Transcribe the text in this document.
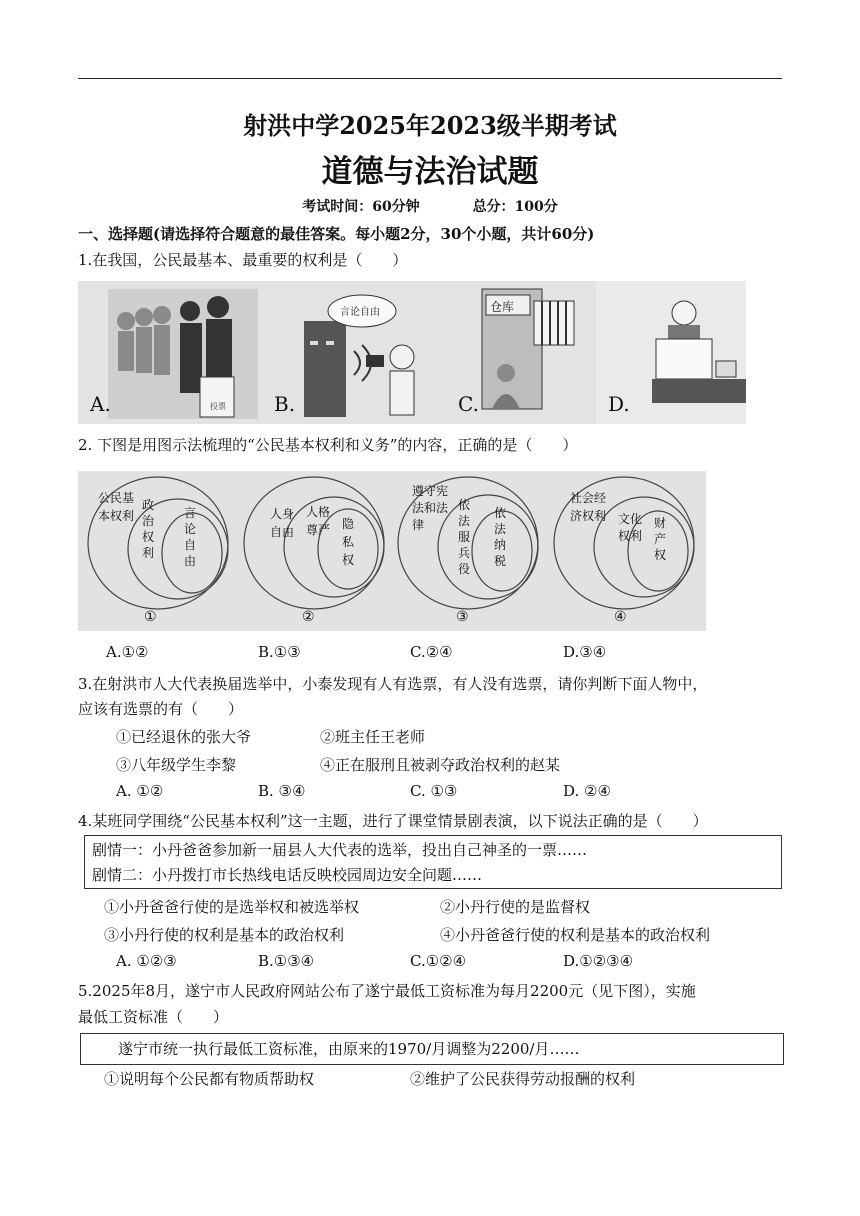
射洪中学2025年2023级半期考试
道德与法治试题
考试时间：60分钟	总分：100分
一、选择题(请选择符合题意的最佳答案。每小题2分，30个小题，共计60分)
1.在我国，公民最基本、最重要的权利是（　　）
投票
A.
言论自由
B.
仓库
C.	D.
2. 下图是用图示法梳理的“公民基本权利和义务”的内容，正确的是（　　）
公民基本权利
政治权利
言论自由
①
人身自由
人格尊严 隐私权
②
遵守宪法和法律
依法服兵役
依法纳税
③
社会经济权利 文化权利
财产权
④
A.①②	B.①③	C.②④	D.③④
3.在射洪市人大代表换届选举中，小泰发现有人有选票，有人没有选票，请你判断下面人物中，
应该有选票的有（　　）
①已经退休的张大爷	②班主任王老师
③八年级学生李黎	④正在服刑且被剥夺政治权利的赵某
A. ①②	B. ③④	C. ①③	D. ②④
4.某班同学围绕“公民基本权利”这一主题，进行了课堂情景剧表演，以下说法正确的是（　　）
剧情一：小丹爸爸参加新一届县人大代表的选举，投出自己神圣的一票……
剧情二：小丹拨打市长热线电话反映校园周边安全问题……
①小丹爸爸行使的是选举权和被选举权	②小丹行使的是监督权
③小丹行使的权利是基本的政治权利	④小丹爸爸行使的权利是基本的政治权利
A. ①②③	B.①③④	C.①②④	D.①②③④
5.2025年8月，遂宁市人民政府网站公布了遂宁最低工资标准为每月2200元（见下图），实施
最低工资标准（　　）
遂宁市统一执行最低工资标准，由原来的1970/月调整为2200/月……
①说明每个公民都有物质帮助权	②维护了公民获得劳动报酬的权利
